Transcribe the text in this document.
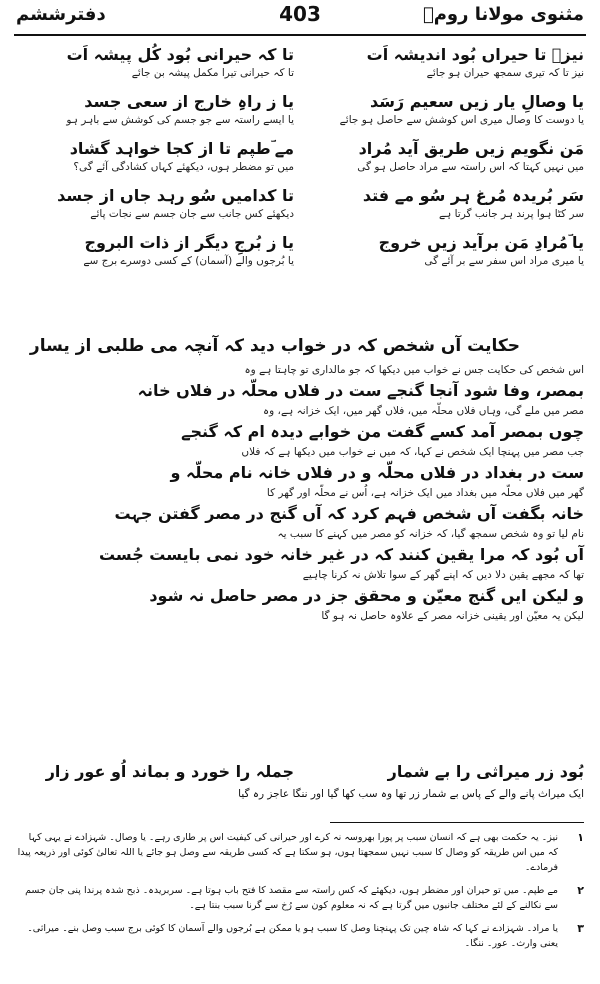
مثنوی مولانا رومؒ
403
دفترششم
نیزؔ تا حیراں بُود اندیشہ اَت
نیز تا کہ تیری سمجھ حیران ہو جائے
تا کہ حیرانی بُود کُل پیشہ اَت
تا کہ حیرانی تیرا مکمل پیشہ بن جائے
یا وصالِ یار زیں سعیم رَسَد
یا دوست کا وصال میری اس کوشش سے حاصل ہو جائے
یا ز راہِ خارج از سعی جسد
یا ایسے راستہ سے جو جسم کی کوشش سے باہر ہو
مَن نگویم زیں طریق آید مُراد
میں نہیں کہتا کہ اس راستہ سے مراد حاصل ہو گی
مے ؔطپم تا از کجا خواہد گشاد
میں تو مضطر ہوں، دیکھئے کہاں کشادگی آئے گی؟
سَر بُریدہ مُرغ ہر سُو مے فتد
سر کٹا ہوا پرند ہر جانب گرتا ہے
تا کدامیں سُو رہد جاں از جسد
دیکھئے کس جانب سے جان جسم سے نجات پائے
یا ؔمُرادِ مَن برآید زیں خروج
یا میری مراد اس سفر سے بر آئے گی
یا ز بُرجِ دیگر از ذات البروج
یا بُرجوں والے (آسمان) کے کسی دوسرے برج سے
حکایت آں شخص کہ در خواب دید کہ آنچہ می طلبی از یسار
اس شخص کی حکایت جس نے خواب میں دیکھا کہ جو مالداری تو چاہتا ہے وہ
بمصر، وفا شود آنجا گنجے ست در فلاں محلّہ در فلاں خانہ
مصر میں ملے گی، وہاں فلاں محلّہ میں، فلاں گھر میں، ایک خزانہ ہے، وہ
چوں بمصر آمد کسے گفت من خوابے دیدہ ام کہ گنجے
جب مصر میں پہنچا ایک شخص نے کہا، کہ میں نے خواب میں دیکھا ہے کہ فلاں
ست در بغداد در فلاں محلّہ و در فلاں خانہ نام محلّہ و
گھر میں فلاں محلّہ میں بغداد میں ایک خزانہ ہے، اُس نے محلّہ اور گھر کا
خانہ بگفت آں شخص فہم کرد کہ آں گنج در مصر گفتن جہت
نام لیا تو وہ شخص سمجھ گیا، کہ خزانہ کو مصر میں کہنے کا سبب یہ
آں بُود کہ مرا یقین کنند کہ در غیر خانہ خود نمی بایست جُست
تھا کہ مجھے یقین دلا دیں کہ اپنے گھر کے سوا تلاش نہ کرنا چاہیے
و لیکن ایں گنج معیّن و محقق جز در مصر حاصل نہ شود
لیکن یہ معیّن اور یقینی خزانہ مصر کے علاوہ حاصل نہ ہو گا
بُود زر میراثی را بے شمار
جملہ را خورد و بماند اُو عور زار
ایک میراث پانے والے کے پاس بے شمار زر تھا وہ سب کھا گیا اور ننگا عاجز رہ گیا
۱
نیز۔ یہ حکمت بھی ہے کہ انسان سبب پر پورا بھروسہ نہ کرے اور حیرانی کی کیفیت اس پر طاری رہے۔ یا وصال۔ شہزادے نے یہی کہا کہ میں اس طریقہ کو وصال کا سبب نہیں سمجھتا ہوں، ہو سکتا ہے کہ کسی طریقہ سے وصل ہو جائے یا اللہ تعالیٰ کوئی اور ذریعہ پیدا فرمادے۔
۲
مے طپم۔ میں تو حیران اور مضطر ہوں، دیکھئے کہ کس راستہ سے مقصد کا فتح باب ہوتا ہے۔ سربریدہ۔ ذبح شدہ پرندا پنی جان جسم سے نکالنے کے لئے مختلف جانبوں میں گرتا ہے کہ نہ معلوم کون سے رُخ سے گرنا سبب بنتا ہے۔
۳
یا مراد۔ شہزادے نے کہا کہ شاہ چین تک پہنچنا وصل کا سبب ہو یا ممکن ہے بُرجوں والے آسمان کا کوئی برج سبب وصل بنے۔ میراثی۔ یعنی وارث۔ عور۔ ننگا۔
